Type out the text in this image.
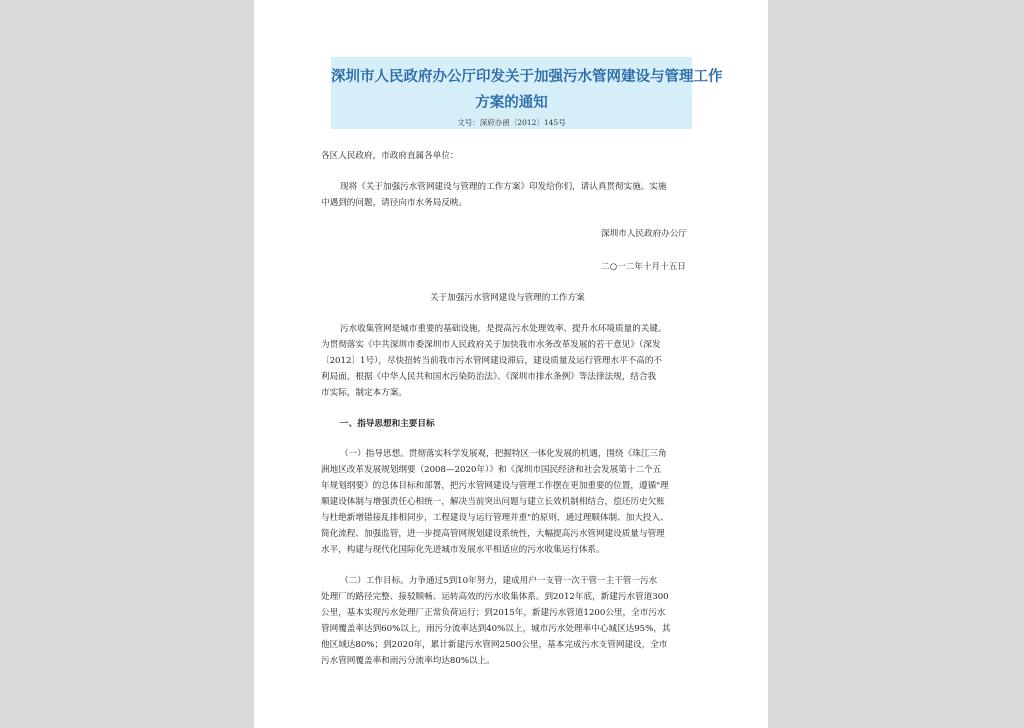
深圳市人民政府办公厅印发关于加强污水管网建设与管理工作
方案的通知
文号：深府办函〔2012〕145号
各区人民政府，市政府直属各单位：
现将《关于加强污水管网建设与管理的工作方案》印发给你们，请认真贯彻实施。实施
中遇到的问题，请径向市水务局反映。
深圳市人民政府办公厅
二○一二年十月十五日
关于加强污水管网建设与管理的工作方案
污水收集管网是城市重要的基础设施，是提高污水处理效率、提升水环境质量的关键。
为贯彻落实《中共深圳市委深圳市人民政府关于加快我市水务改革发展的若干意见》（深发
〔2012〕1号），尽快扭转当前我市污水管网建设滞后，建设质量及运行管理水平不高的不
利局面，根据《中华人民共和国水污染防治法》、《深圳市排水条例》等法律法规，结合我
市实际，制定本方案。
一、指导思想和主要目标
（一）指导思想。贯彻落实科学发展观，把握特区一体化发展的机遇，围绕《珠江三角
洲地区改革发展规划纲要（2008—2020年）》和《深圳市国民经济和社会发展第十二个五
年规划纲要》的总体目标和部署，把污水管网建设与管理工作摆在更加重要的位置，遵循"理
顺建设体制与增强责任心相统一，解决当前突出问题与建立长效机制相结合，偿还历史欠账
与杜绝新增错接乱排相同步，工程建设与运行管理并重"的原则，通过理顺体制、加大投入、
简化流程、加强监管，进一步提高管网规划建设系统性，大幅提高污水管网建设质量与管理
水平，构建与现代化国际化先进城市发展水平相适应的污水收集运行体系。
（二）工作目标。力争通过5到10年努力，建成用户一支管一次干管一主干管一污水
处理厂的路径完整、接驳顺畅、运转高效的污水收集体系。到2012年底，新建污水管道300
公里，基本实现污水处理厂正常负荷运行；到2015年，新建污水管道1200公里，全市污水
管网覆盖率达到60%以上，雨污分流率达到40%以上，城市污水处理率中心城区达95%，其
他区域达80%；到2020年，累计新建污水管网2500公里，基本完成污水支管网建设，全市
污水管网覆盖率和雨污分流率均达80%以上。
